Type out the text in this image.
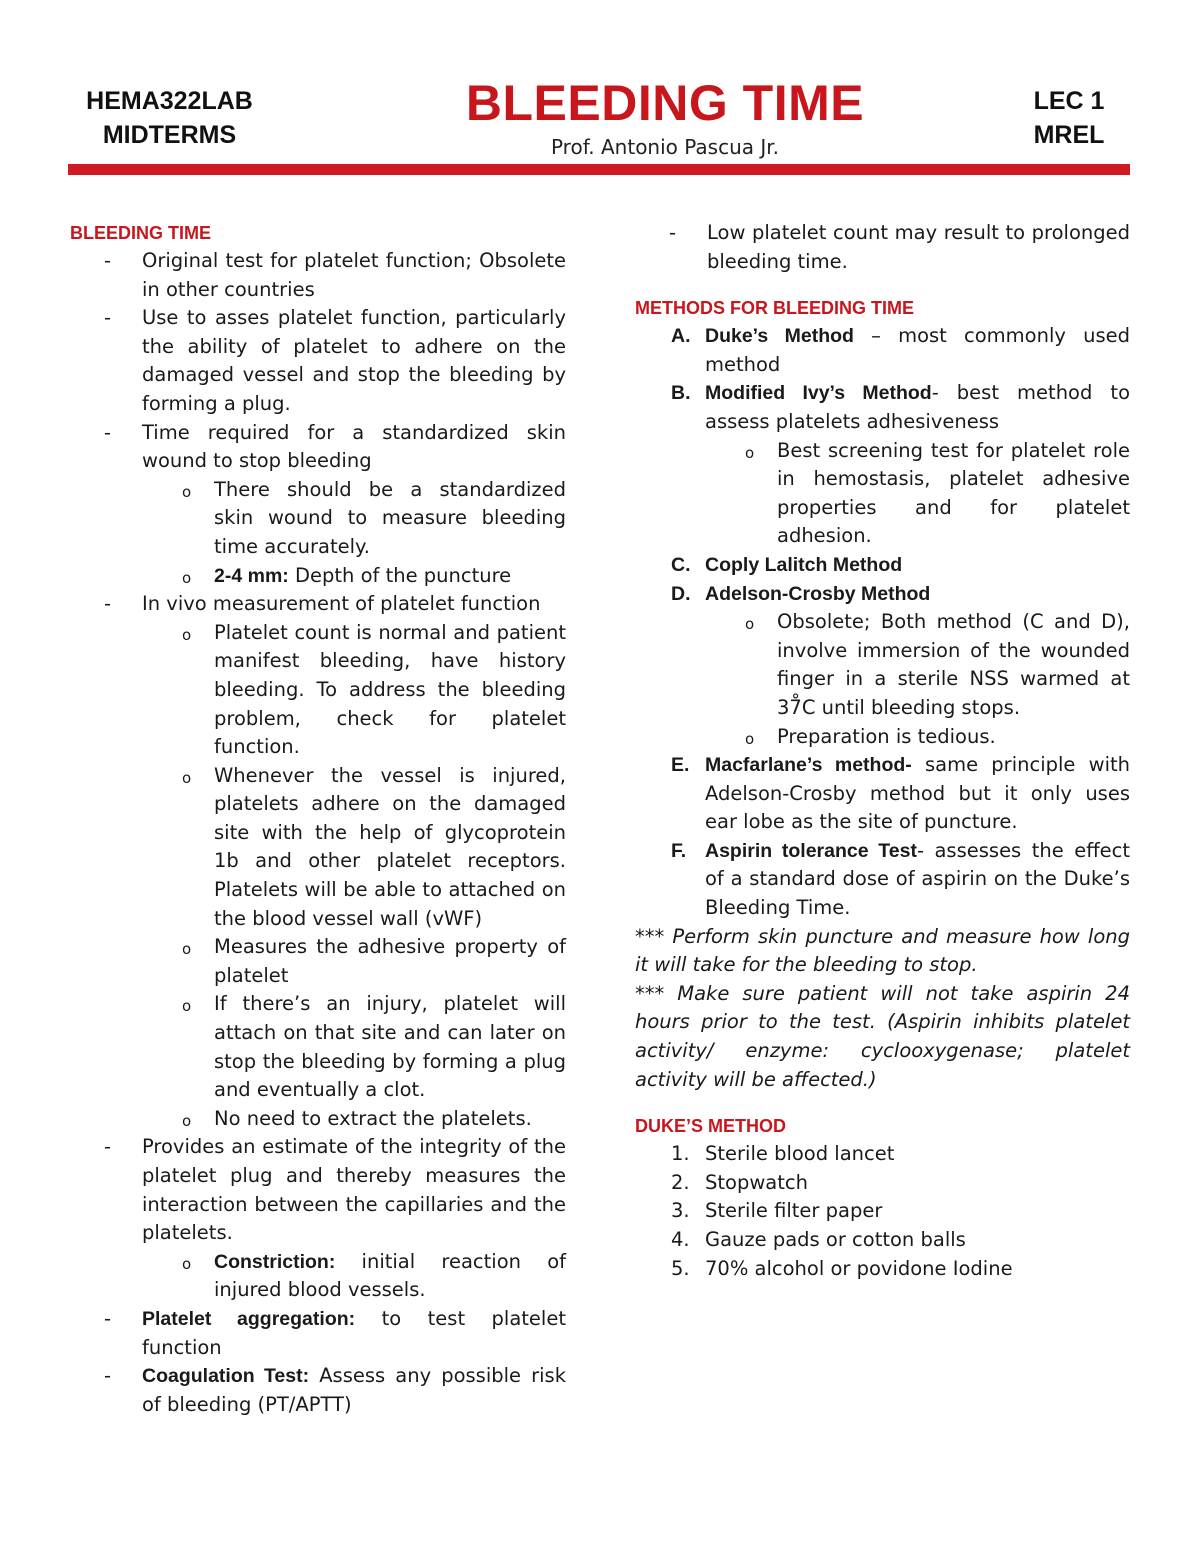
HEMA322LAB
MIDTERMS
BLEEDING TIME
Prof. Antonio Pascua Jr.
LEC 1
MREL

BLEEDING TIME

- Original test for platelet function; Obsolete in other countries
- Use to asses platelet function, particularly the ability of platelet to adhere on the damaged vessel and stop the bleeding by forming a plug.
- Time required for a standardized skin wound to stop bleeding
o There should be a standardized skin wound to measure bleeding time accurately.
o 2-4 mm: Depth of the puncture
- In vivo measurement of platelet function
o Platelet count is normal and patient manifest bleeding, have history bleeding. To address the bleeding problem, check for platelet function.
o Whenever the vessel is injured, platelets adhere on the damaged site with the help of glycoprotein 1b and other platelet receptors. Platelets will be able to attached on the blood vessel wall (vWF)
o Measures the adhesive property of platelet
o If there’s an injury, platelet will attach on that site and can later on stop the bleeding by forming a plug and eventually a clot.
o No need to extract the platelets.
- Provides an estimate of the integrity of the platelet plug and thereby measures the interaction between the capillaries and the platelets.
o Constriction: initial reaction of injured blood vessels.
- Platelet aggregation: to test platelet function
- Coagulation Test: Assess any possible risk of bleeding (PT/APTT)
- Low platelet count may result to prolonged bleeding time.

METHODS FOR BLEEDING TIME

A. Duke’s Method – most commonly used method
B. Modified Ivy’s Method- best method to assess platelets adhesiveness
o Best screening test for platelet role in hemostasis, platelet adhesive properties and for platelet adhesion.
C. Coply Lalitch Method
D. Adelson-Crosby Method
o Obsolete; Both method (C and D), involve immersion of the wounded finger in a sterile NSS warmed at 37̊C until bleeding stops.
o Preparation is tedious.
E. Macfarlane’s method- same principle with Adelson-Crosby method but it only uses ear lobe as the site of puncture.
F. Aspirin tolerance Test- assesses the effect of a standard dose of aspirin on the Duke’s Bleeding Time.

*** Perform skin puncture and measure how long it will take for the bleeding to stop.

*** Make sure patient will not take aspirin 24 hours prior to the test. (Aspirin inhibits platelet activity/ enzyme: cyclooxygenase; platelet activity will be affected.)

DUKE’S METHOD

1. Sterile blood lancet
2. Stopwatch
3. Sterile filter paper
4. Gauze pads or cotton balls
5. 70% alcohol or povidone Iodine
